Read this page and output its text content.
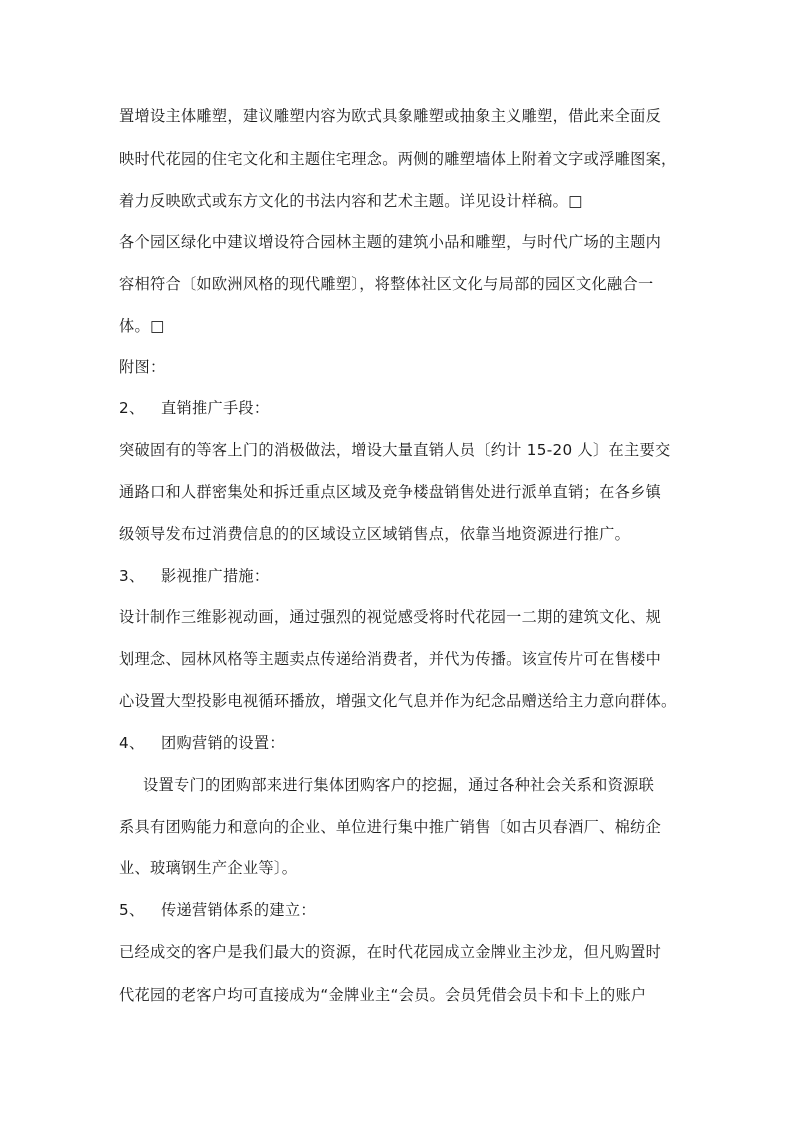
置增设主体雕塑，建议雕塑内容为欧式具象雕塑或抽象主义雕塑，借此来全面反
映时代花园的住宅文化和主题住宅理念。两侧的雕塑墙体上附着文字或浮雕图案，
着力反映欧式或东方文化的书法内容和艺术主题。详见设计样稿。□
各个园区绿化中建议增设符合园林主题的建筑小品和雕塑，与时代广场的主题内
容相符合〔如欧洲风格的现代雕塑〕，将整体社区文化与局部的园区文化融合一
体。□
附图：
2、 直销推广手段：
突破固有的等客上门的消极做法，增设大量直销人员〔约计 15-20 人〕在主要交
通路口和人群密集处和拆迁重点区域及竞争楼盘销售处进行派单直销；在各乡镇
级领导发布过消费信息的的区域设立区域销售点，依靠当地资源进行推广。
3、 影视推广措施：
设计制作三维影视动画，通过强烈的视觉感受将时代花园一二期的建筑文化、规
划理念、园林风格等主题卖点传递给消费者，并代为传播。该宣传片可在售楼中
心设置大型投影电视循环播放，增强文化气息并作为纪念品赠送给主力意向群体。
4、 团购营销的设置：
设置专门的团购部来进行集体团购客户的挖掘，通过各种社会关系和资源联
系具有团购能力和意向的企业、单位进行集中推广销售〔如古贝春酒厂、棉纺企
业、玻璃钢生产企业等〕。
5、 传递营销体系的建立：
已经成交的客户是我们最大的资源，在时代花园成立金牌业主沙龙，但凡购置时
代花园的老客户均可直接成为“金牌业主“会员。会员凭借会员卡和卡上的账户
